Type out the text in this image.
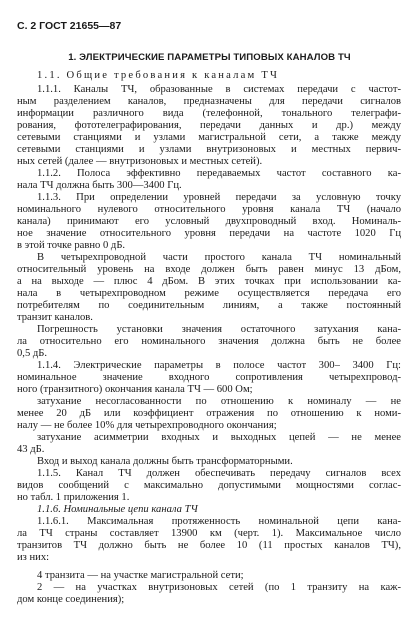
С. 2 ГОСТ 21655—87
1. ЭЛЕКТРИЧЕСКИЕ ПАРАМЕТРЫ ТИПОВЫХ КАНАЛОВ ТЧ
1.1. Общие требования к каналам ТЧ
1.1.1. Каналы ТЧ, образованные в системах передачи с частот-
ным разделением каналов, предназначены для передачи сигналов
информации различного вида (телефонной, тонального телеграфи-
рования, фототелеграфирования, передачи данных и др.) между
сетевыми станциями и узлами магистральной сети, а также между
сетевыми станциями и узлами внутризоновых и местных первич-
ных сетей (далее — внутризоновых и местных сетей).
1.1.2. Полоса эффективно передаваемых частот составного ка-
нала ТЧ должна быть 300—3400 Гц.
1.1.3. При определении уровней передачи за условную точку
номинального нулевого относительного уровня канала ТЧ (начало
канала) принимают его условный двухпроводный вход. Номиналь-
ное значение относительного уровня передачи на частоте 1020 Гц
в этой точке равно 0 дБ.
В четырехпроводной части простого канала ТЧ номинальный
относительный уровень на входе должен быть равен минус 13 дБом,
а на выходе — плюс 4 дБом. В этих точках при использовании ка-
нала в четырехпроводном режиме осуществляется передача его
потребителям по соединительным линиям, а также постоянный
транзит каналов.
Погрешность установки значения остаточного затухания кана-
ла относительно его номинального значения должна быть не более
0,5 дБ.
1.1.4. Электрические параметры в полосе частот 300– 3400 Гц:
номинальное значение входного сопротивления четырехпровод-
ного (транзитного) окончания канала ТЧ — 600 Ом;
затухание несогласованности по отношению к номиналу — не
менее 20 дБ или коэффициент отражения по отношению к номи-
налу — не более 10% для четырехпроводного окончания;
затухание асимметрии входных и выходных цепей — не менее
43 дБ.
Вход и выход канала должны быть трансформаторными.
1.1.5. Канал ТЧ должен обеспечивать передачу сигналов всех
видов сообщений с максимально допустимыми мощностями соглас-
но табл. 1 приложения 1.
1.1.6. Номинальные цепи канала ТЧ
1.1.6.1. Максимальная протяженность номинальной цепи кана-
ла ТЧ страны составляет 13900 км (черт. 1). Максимальное число
транзитов ТЧ должно быть не более 10 (11 простых каналов ТЧ),
из них:
4 транзита — на участке магистральной сети;
2 — на участках внутризоновых сетей (по 1 транзиту на каж-
дом конце соединения);
